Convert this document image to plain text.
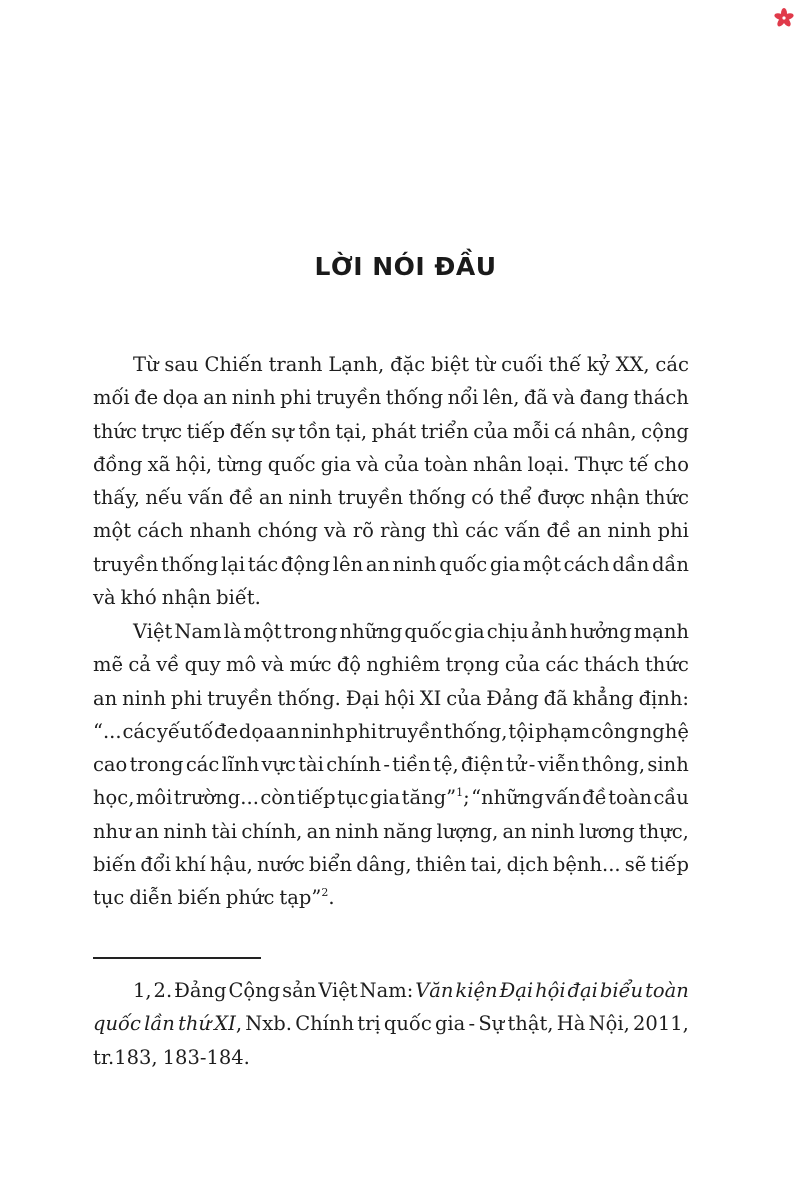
LỜI NÓI ĐẦU
Từ sau Chiến tranh Lạnh, đặc biệt từ cuối thế kỷ XX, các
mối đe dọa an ninh phi truyền thống nổi lên, đã và đang thách
thức trực tiếp đến sự tồn tại, phát triển của mỗi cá nhân, cộng
đồng xã hội, từng quốc gia và của toàn nhân loại. Thực tế cho
thấy, nếu vấn đề an ninh truyền thống có thể được nhận thức
một cách nhanh chóng và rõ ràng thì các vấn đề an ninh phi
truyền thống lại tác động lên an ninh quốc gia một cách dần dần
và khó nhận biết.
Việt Nam là một trong những quốc gia chịu ảnh hưởng mạnh
mẽ cả về quy mô và mức độ nghiêm trọng của các thách thức
an ninh phi truyền thống. Đại hội XI của Đảng đã khẳng định:
“... các yếu tố đe dọa an ninh phi truyền thống, tội phạm công nghệ
cao trong các lĩnh vực tài chính - tiền tệ, điện tử - viễn thông, sinh
học, môi trường... còn tiếp tục gia tăng”$^1$; “những vấn đề toàn cầu
như an ninh tài chính, an ninh năng lượng, an ninh lương thực,
biến đổi khí hậu, nước biển dâng, thiên tai, dịch bệnh... sẽ tiếp
tục diễn biến phức tạp”$^2$.
1, 2. Đảng Cộng sản Việt Nam: Văn kiện Đại hội đại biểu toàn
quốc lần thứ XI, Nxb. Chính trị quốc gia - Sự thật, Hà Nội, 2011,
tr.183, 183-184.
